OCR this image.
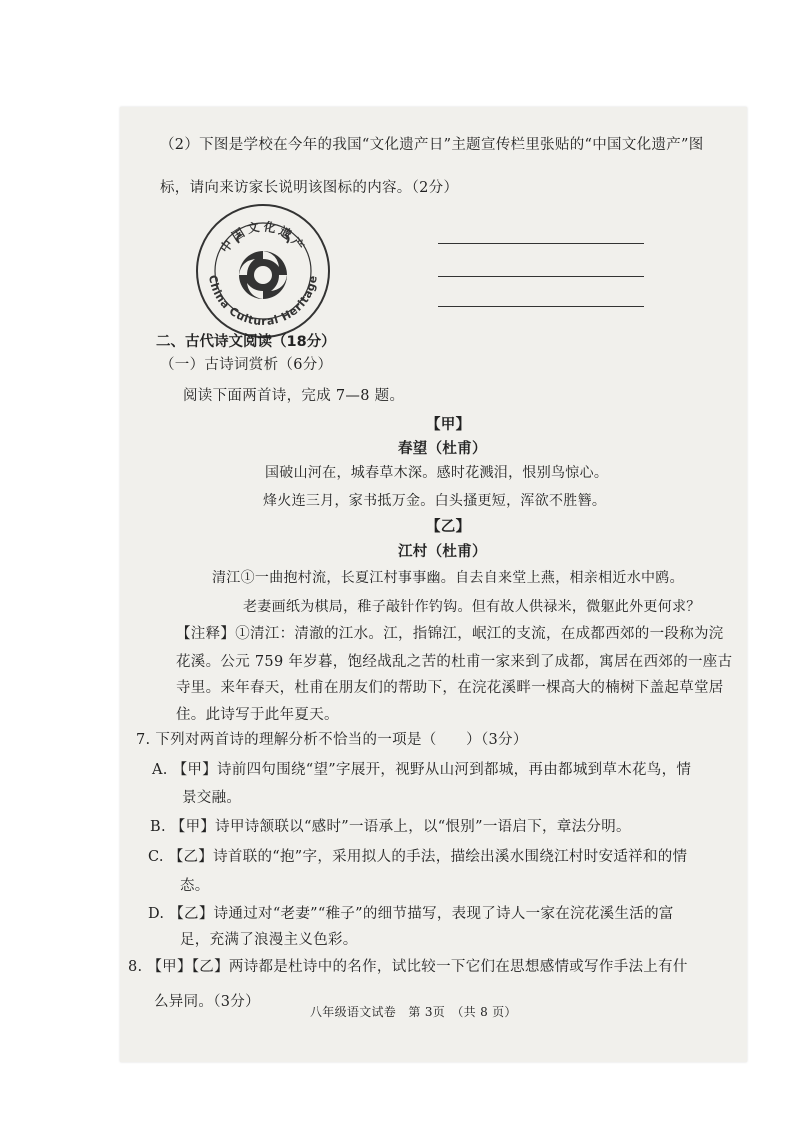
（2）下图是学校在今年的我国“文化遗产日”主题宣传栏里张贴的“中国文化遗产”图
标，请向来访家长说明该图标的内容。（2分）
中国文化遗产
China Cultural Heritage
二、古代诗文阅读（18分）
（一）古诗词赏析（6分）
阅读下面两首诗，完成 7—8 题。
【甲】
春望（杜甫）
国破山河在，城春草木深。感时花溅泪，恨别鸟惊心。
烽火连三月，家书抵万金。白头搔更短，浑欲不胜簪。
【乙】
江村（杜甫）
清江①一曲抱村流，长夏江村事事幽。自去自来堂上燕，相亲相近水中鸥。
老妻画纸为棋局，稚子敲针作钓钩。但有故人供禄米，微躯此外更何求？
【注释】①清江：清澈的江水。江，指锦江，岷江的支流，在成都西郊的一段称为浣
花溪。公元 759 年岁暮，饱经战乱之苦的杜甫一家来到了成都，寓居在西郊的一座古
寺里。来年春天，杜甫在朋友们的帮助下，在浣花溪畔一棵高大的楠树下盖起草堂居
住。此诗写于此年夏天。
7. 下列对两首诗的理解分析不恰当的一项是（　　）（3分）
A. 【甲】诗前四句围绕“望”字展开，视野从山河到都城，再由都城到草木花鸟，情
景交融。
B. 【甲】诗甲诗颔联以“感时”一语承上，以“恨别”一语启下，章法分明。
C. 【乙】诗首联的“抱”字，采用拟人的手法，描绘出溪水围绕江村时安适祥和的情
态。
D. 【乙】诗通过对“老妻”“稚子”的细节描写，表现了诗人一家在浣花溪生活的富
足，充满了浪漫主义色彩。
8. 【甲】【乙】两诗都是杜诗中的名作，试比较一下它们在思想感情或写作手法上有什
么异同。（3分）
八年级语文试卷　第 3页　（共 8 页）
